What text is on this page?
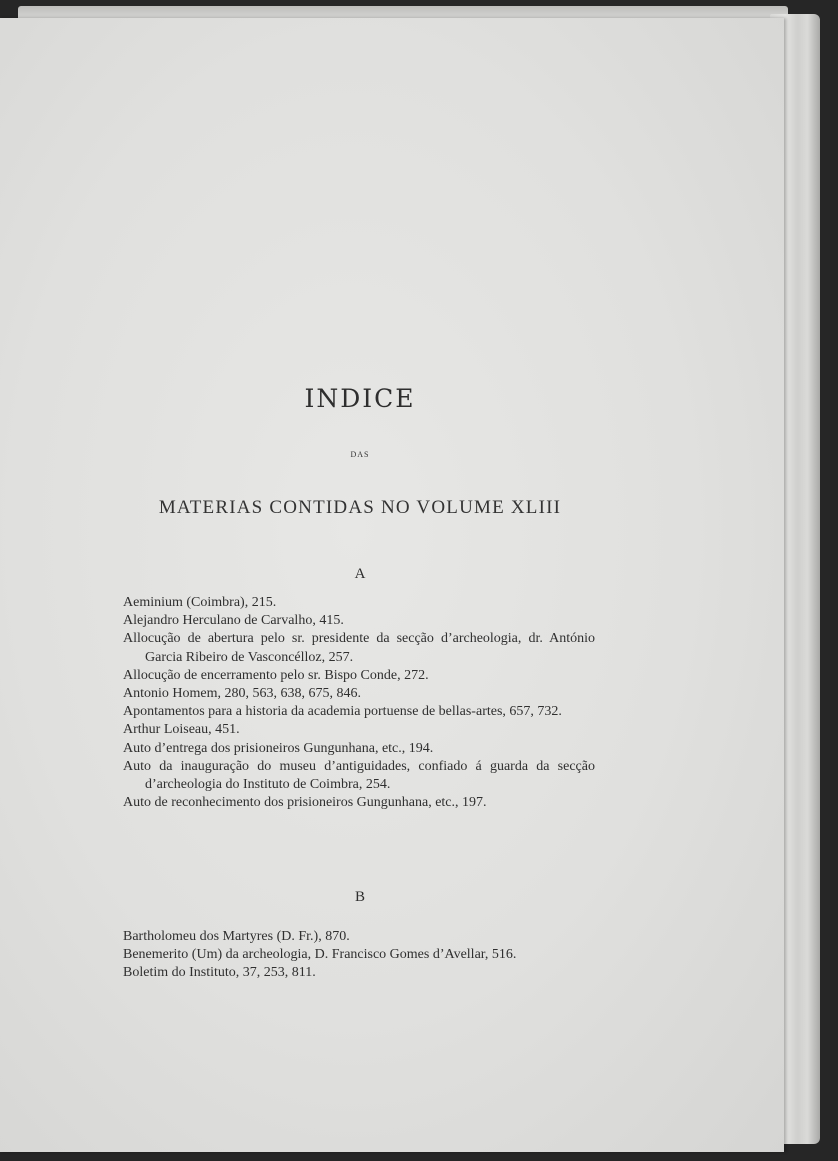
INDICE
DAS
MATERIAS CONTIDAS NO VOLUME XLIII
A
Aeminium (Coimbra), 215.
Alejandro Herculano de Carvalho, 415.
Allocução de abertura pelo sr. presidente da secção d’archeologia, dr. António Garcia Ribeiro de Vasconcélloz, 257.
Allocução de encerramento pelo sr. Bispo Conde, 272.
Antonio Homem, 280, 563, 638, 675, 846.
Apontamentos para a historia da academia portuense de bellas-artes, 657, 732.
Arthur Loiseau, 451.
Auto d’entrega dos prisioneiros Gungunhana, etc., 194.
Auto da inauguração do museu d’antiguidades, confiado á guarda da secção d’archeologia do Instituto de Coimbra, 254.
Auto de reconhecimento dos prisioneiros Gungunhana, etc., 197.
B
Bartholomeu dos Martyres (D. Fr.), 870.
Benemerito (Um) da archeologia, D. Francisco Gomes d’Avellar, 516.
Boletim do Instituto, 37, 253, 811.
